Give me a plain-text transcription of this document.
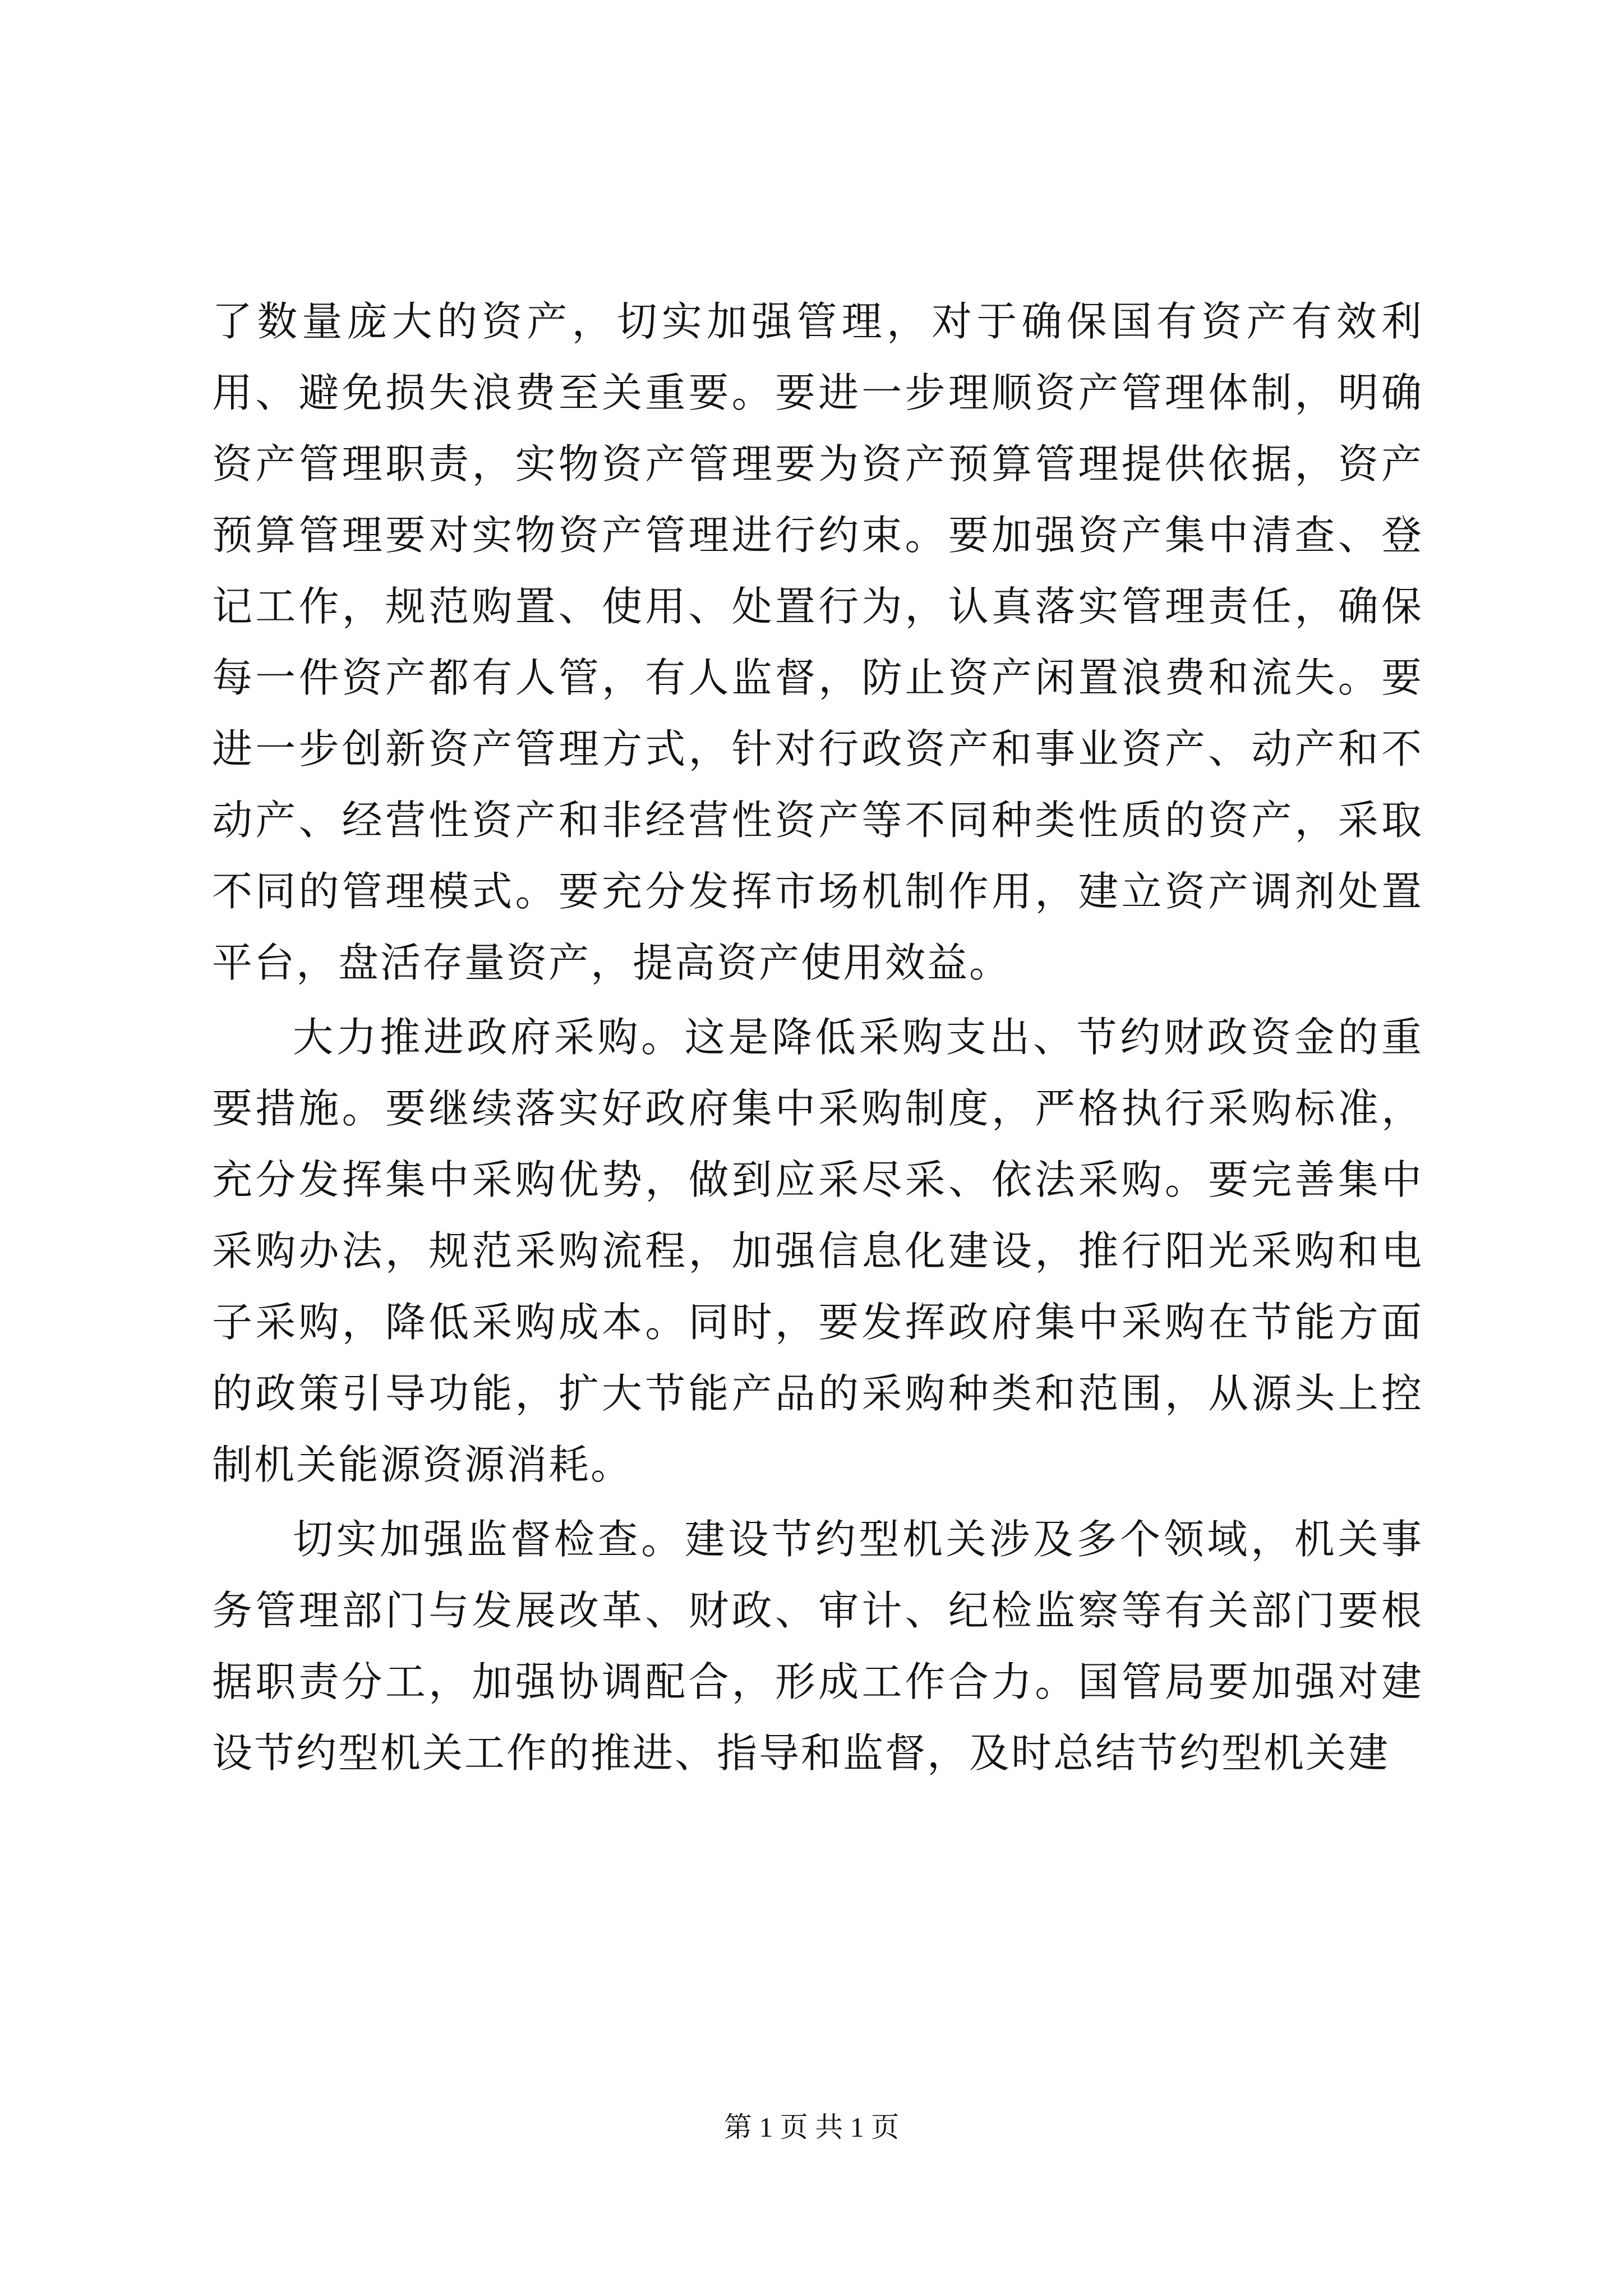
了数量庞大的资产，切实加强管理，对于确保国有资产有效利用、避免损失浪费至关重要。要进一步理顺资产管理体制，明确资产管理职责，实物资产管理要为资产预算管理提供依据，资产预算管理要对实物资产管理进行约束。要加强资产集中清查、登记工作，规范购置、使用、处置行为，认真落实管理责任，确保每一件资产都有人管，有人监督，防止资产闲置浪费和流失。要进一步创新资产管理方式，针对行政资产和事业资产、动产和不动产、经营性资产和非经营性资产等不同种类性质的资产，采取不同的管理模式。要充分发挥市场机制作用，建立资产调剂处置平台，盘活存量资产，提高资产使用效益。

大力推进政府采购。这是降低采购支出、节约财政资金的重要措施。要继续落实好政府集中采购制度，严格执行采购标准，充分发挥集中采购优势，做到应采尽采、依法采购。要完善集中采购办法，规范采购流程，加强信息化建设，推行阳光采购和电子采购，降低采购成本。同时，要发挥政府集中采购在节能方面的政策引导功能，扩大节能产品的采购种类和范围，从源头上控制机关能源资源消耗。

切实加强监督检查。建设节约型机关涉及多个领域，机关事务管理部门与发展改革、财政、审计、纪检监察等有关部门要根据职责分工，加强协调配合，形成工作合力。国管局要加强对建设节约型机关工作的推进、指导和监督，及时总结节约型机关建

第 1 页 共 1 页
